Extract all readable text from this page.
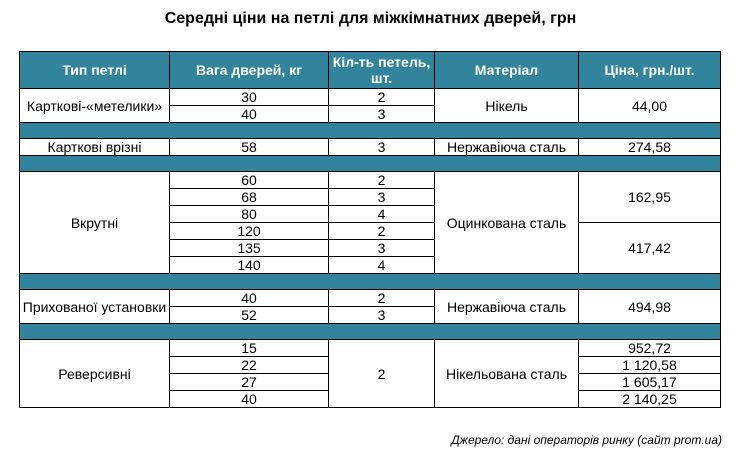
Середні ціни на петлі для міжкімнатних дверей, грн
Тип петлі	Вага дверей, кг	Кіл-ть петель, шт.	Матеріал	Ціна, грн./шт.
Карткові-«метелики»	30	2	Нікель	44,00
	40	3		

Карткові врізні	58	3	Нержавіюча сталь	274,58

Вкрутні	60	2	Оцинкована сталь	162,95
	68	3		
	80	4		
	120	2		417,42
	135	3		
	140	4		

Прихованої установки	40	2	Нержавіюча сталь	494,98
	52	3		

Реверсивні	15	2	Нікельована сталь	952,72
	22			1 120,58
	27			1 605,17
	40			2 140,25
Джерело: дані операторів ринку (сайт prom.ua)
